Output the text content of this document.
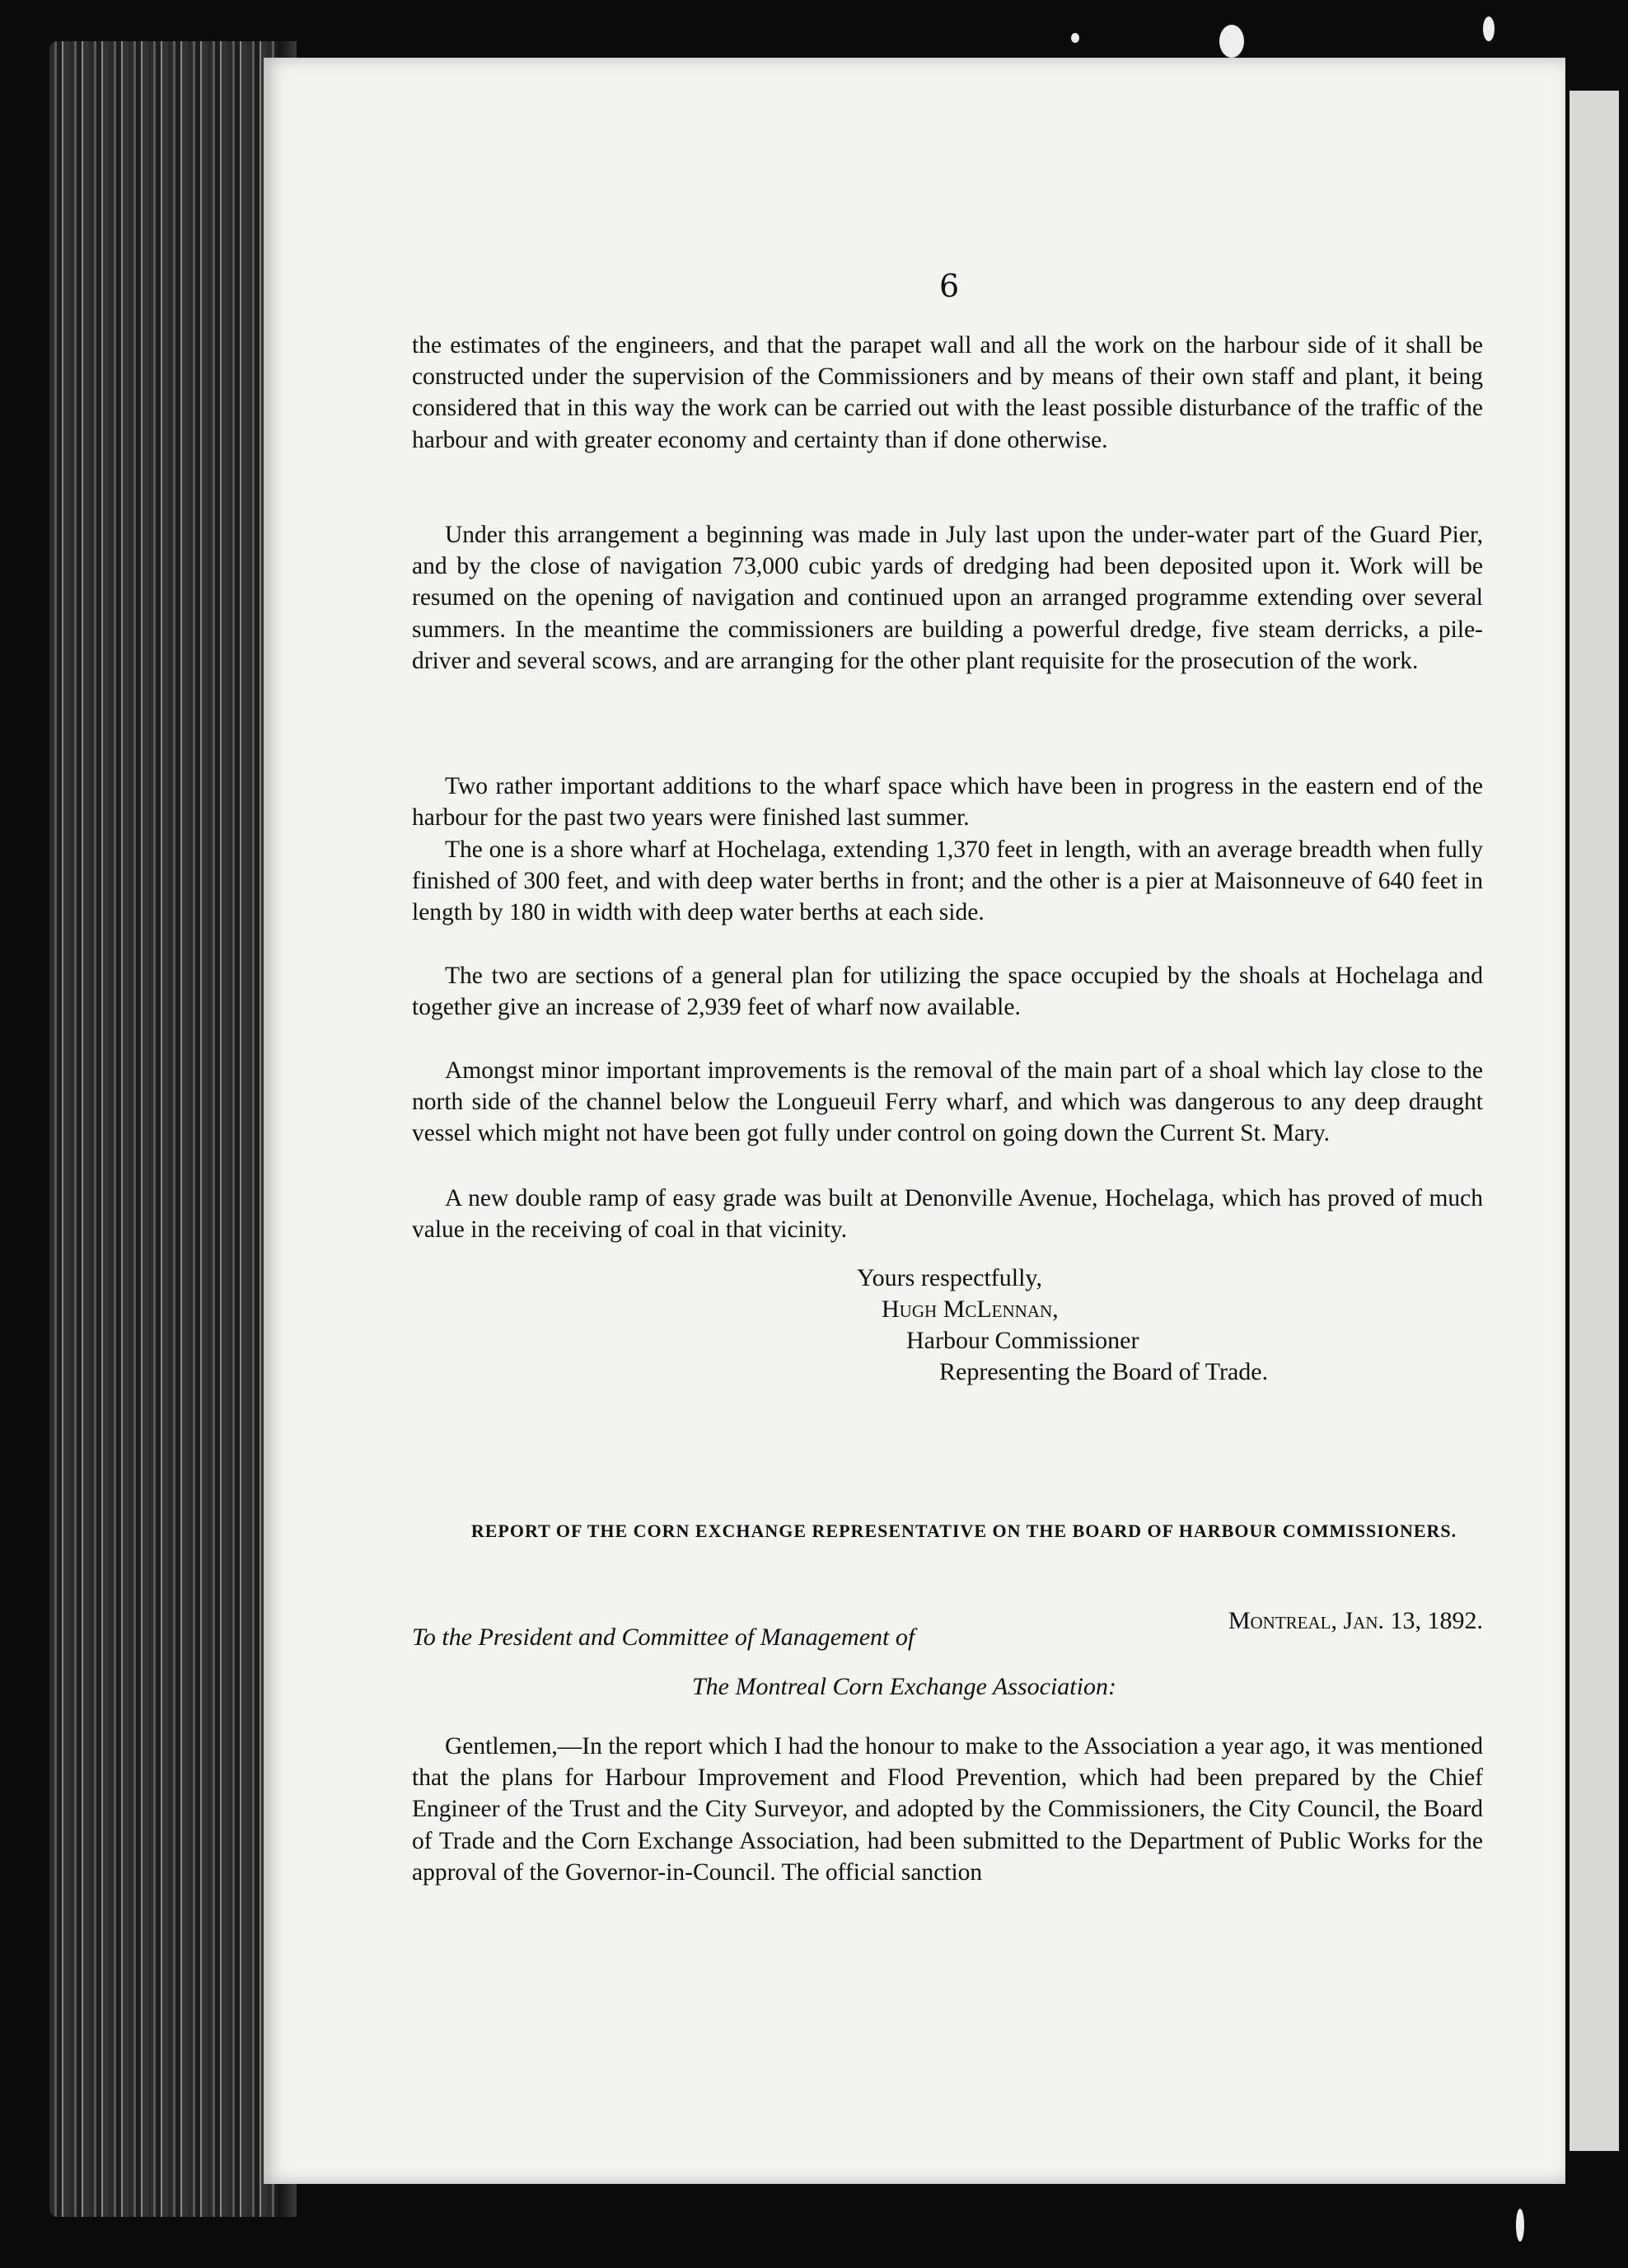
6

the estimates of the engineers, and that the parapet wall and all the work on the harbour side of it shall be constructed under the supervision of the Commissioners and by means of their own staff and plant, it being considered that in this way the work can be carried out with the least possible disturbance of the traffic of the harbour and with greater economy and certainty than if done otherwise.

Under this arrangement a beginning was made in July last upon the under-water part of the Guard Pier, and by the close of navigation 73,000 cubic yards of dredging had been deposited upon it. Work will be resumed on the opening of navigation and continued upon an arranged programme extending over several summers. In the meantime the commissioners are building a powerful dredge, five steam derricks, a pile-driver and several scows, and are arranging for the other plant requisite for the prosecution of the work.

Two rather important additions to the wharf space which have been in progress in the eastern end of the harbour for the past two years were finished last summer.

The one is a shore wharf at Hochelaga, extending 1,370 feet in length, with an average breadth when fully finished of 300 feet, and with deep water berths in front; and the other is a pier at Maisonneuve of 640 feet in length by 180 in width with deep water berths at each side.

The two are sections of a general plan for utilizing the space occupied by the shoals at Hochelaga and together give an increase of 2,939 feet of wharf now available.

Amongst minor important improvements is the removal of the main part of a shoal which lay close to the north side of the channel below the Longueuil Ferry wharf, and which was dangerous to any deep draught vessel which might not have been got fully under control on going down the Current St. Mary.

A new double ramp of easy grade was built at Denonville Avenue, Hochelaga, which has proved of much value in the receiving of coal in that vicinity.

Yours respectfully,

Hugh McLennan,

Harbour Commissioner

Representing the Board of Trade.

REPORT OF THE CORN EXCHANGE REPRESENTATIVE ON THE BOARD OF HARBOUR COMMISSIONERS.
Montreal, Jan. 13, 1892.
To the President and Committee of Management of
The Montreal Corn Exchange Association:

Gentlemen,—In the report which I had the honour to make to the Association a year ago, it was mentioned that the plans for Harbour Improvement and Flood Prevention, which had been prepared by the Chief Engineer of the Trust and the City Surveyor, and adopted by the Commissioners, the City Council, the Board of Trade and the Corn Exchange Association, had been submitted to the Department of Public Works for the approval of the Governor-in-Council. The official sanction
